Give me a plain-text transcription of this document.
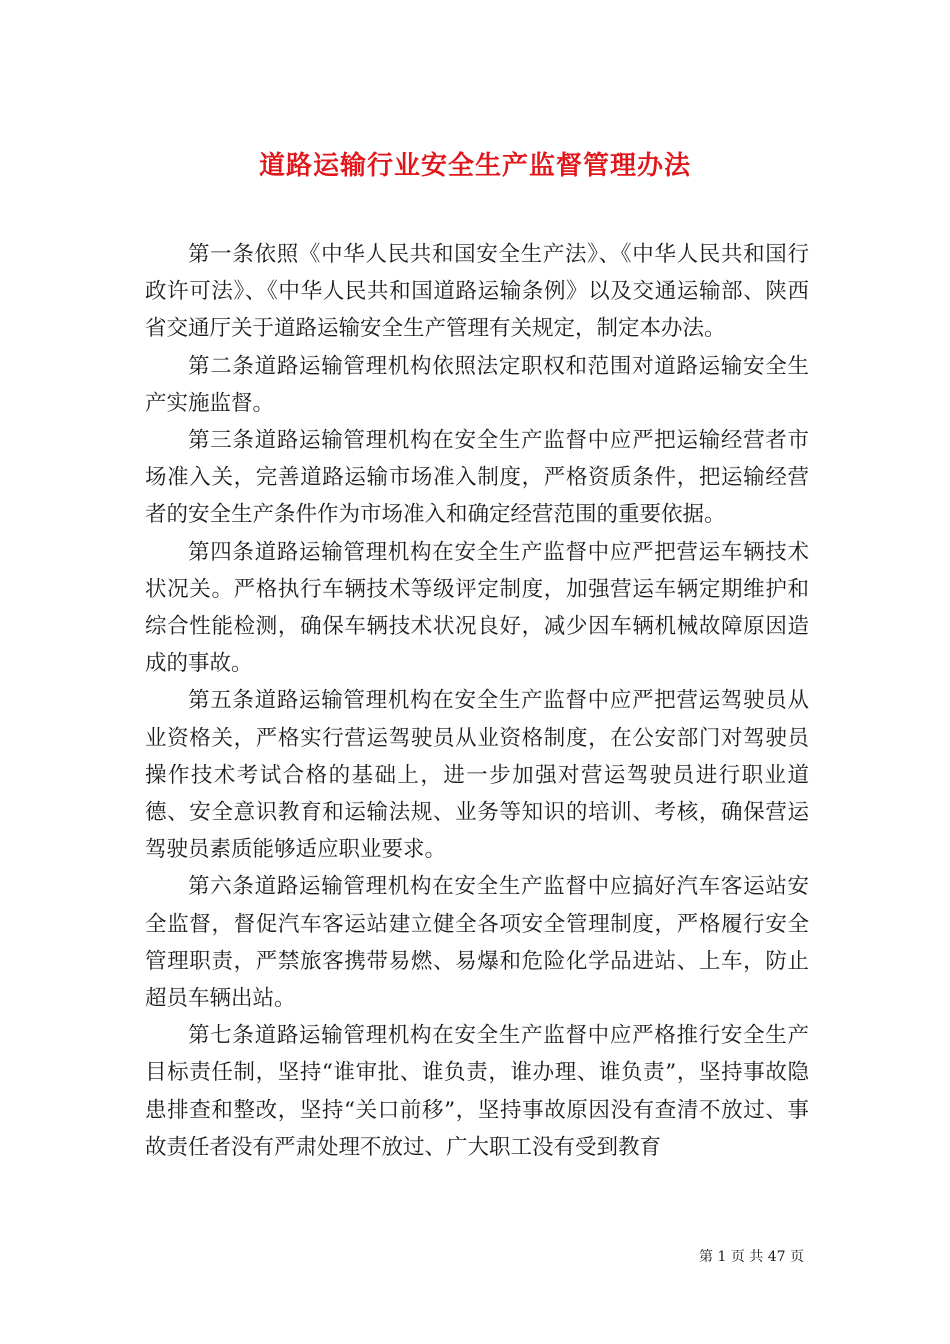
道路运输行业安全生产监督管理办法

第一条依照《中华人民共和国安全生产法》、《中华人民共和国行政许可法》、《中华人民共和国道路运输条例》以及交通运输部、陕西省交通厅关于道路运输安全生产管理有关规定，制定本办法。

第二条道路运输管理机构依照法定职权和范围对道路运输安全生产实施监督。

第三条道路运输管理机构在安全生产监督中应严把运输经营者市场准入关，完善道路运输市场准入制度，严格资质条件，把运输经营者的安全生产条件作为市场准入和确定经营范围的重要依据。

第四条道路运输管理机构在安全生产监督中应严把营运车辆技术状况关。严格执行车辆技术等级评定制度，加强营运车辆定期维护和综合性能检测，确保车辆技术状况良好，减少因车辆机械故障原因造成的事故。

第五条道路运输管理机构在安全生产监督中应严把营运驾驶员从业资格关，严格实行营运驾驶员从业资格制度，在公安部门对驾驶员操作技术考试合格的基础上，进一步加强对营运驾驶员进行职业道德、安全意识教育和运输法规、业务等知识的培训、考核，确保营运驾驶员素质能够适应职业要求。

第六条道路运输管理机构在安全生产监督中应搞好汽车客运站安全监督，督促汽车客运站建立健全各项安全管理制度，严格履行安全管理职责，严禁旅客携带易燃、易爆和危险化学品进站、上车，防止超员车辆出站。

第七条道路运输管理机构在安全生产监督中应严格推行安全生产目标责任制，坚持“谁审批、谁负责，谁办理、谁负责”，坚持事故隐患排查和整改，坚持“关口前移”，坚持事故原因没有查清不放过、事故责任者没有严肃处理不放过、广大职工没有受到教育

第 1 页 共 47 页
